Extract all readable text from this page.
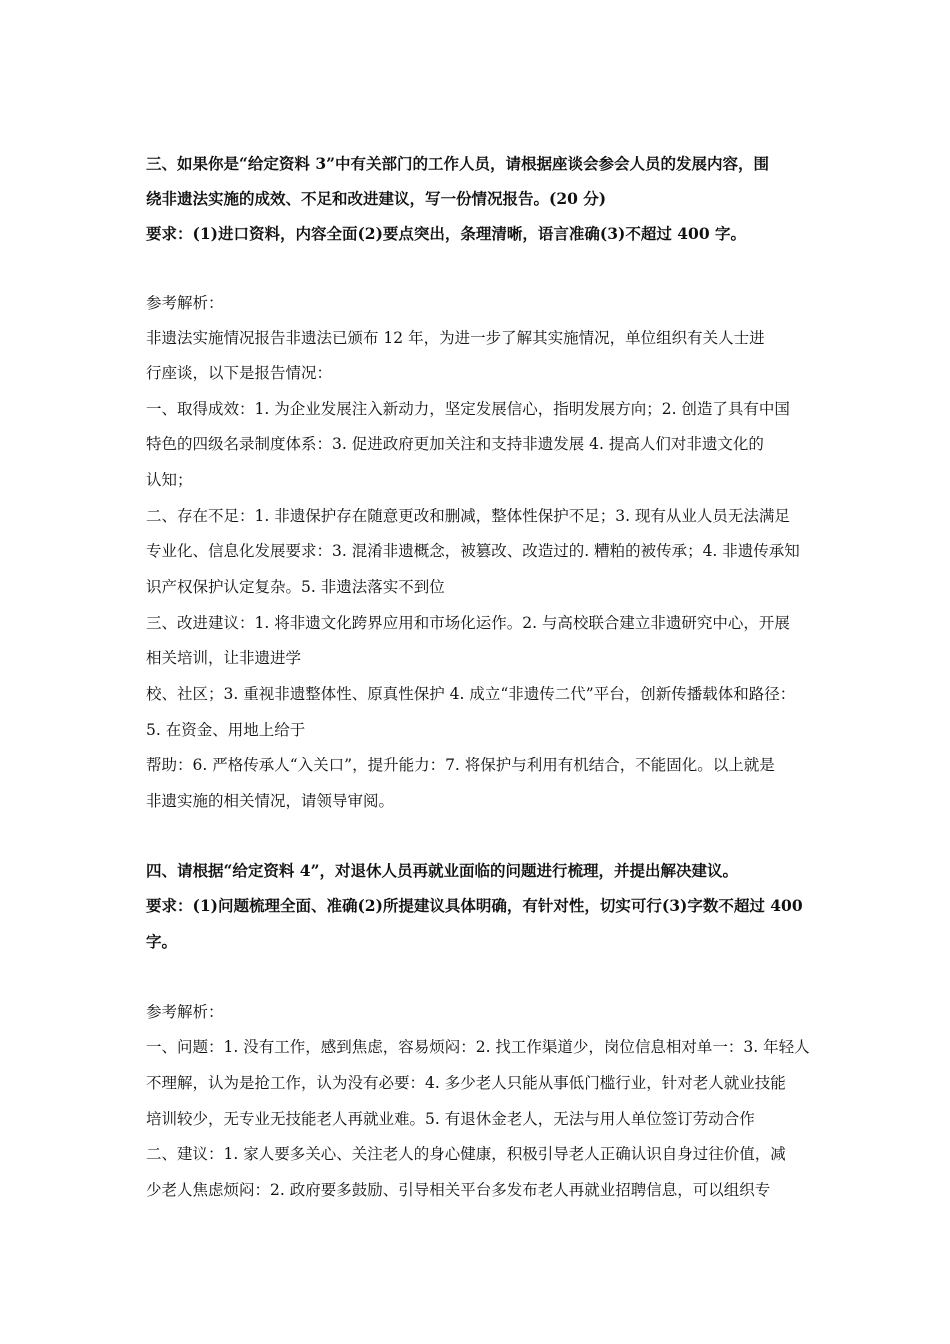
三、如果你是“给定资料 3”中有关部门的工作人员，请根据座谈会参会人员的发展内容，围
绕非遗法实施的成效、不足和改进建议，写一份情况报告。(20 分)
要求：(1)进口资料，内容全面(2)要点突出，条理清晰，语言准确(3)不超过 400 字。
参考解析：
非遗法实施情况报告非遗法已颁布 12 年，为进一步了解其实施情况，单位组织有关人士进
行座谈，以下是报告情况：
一、取得成效：1. 为企业发展注入新动力，坚定发展信心，指明发展方向；2. 创造了具有中国
特色的四级名录制度体系：3. 促进政府更加关注和支持非遗发展 4. 提高人们对非遗文化的
认知；
二、存在不足：1. 非遗保护存在随意更改和删减，整体性保护不足；3. 现有从业人员无法满足
专业化、信息化发展要求：3. 混淆非遗概念，被篡改、改造过的. 糟粕的被传承；4. 非遗传承知
识产权保护认定复杂。5. 非遗法落实不到位
三、改进建议：1. 将非遗文化跨界应用和市场化运作。2. 与高校联合建立非遗研究中心，开展
相关培训，让非遗进学
校、社区；3. 重视非遗整体性、原真性保护 4. 成立“非遗传二代”平台，创新传播载体和路径：
5. 在资金、用地上给于
帮助：6. 严格传承人“入关口”，提升能力：7. 将保护与利用有机结合，不能固化。以上就是
非遗实施的相关情况，请领导审阅。
四、请根据“给定资料 4”，对退休人员再就业面临的问题进行梳理，并提出解决建议。
要求：(1)问题梳理全面、准确(2)所提建议具体明确，有针对性，切实可行(3)字数不超过 400
字。
参考解析：
一、问题：1. 没有工作，感到焦虑，容易烦闷：2. 找工作渠道少，岗位信息相对单一：3. 年轻人
不理解，认为是抢工作，认为没有必要：4. 多少老人只能从事低门槛行业，针对老人就业技能
培训较少，无专业无技能老人再就业难。5. 有退休金老人，无法与用人单位签订劳动合作
二、建议：1. 家人要多关心、关注老人的身心健康，积极引导老人正确认识自身过往价值，减
少老人焦虑烦闷：2. 政府要多鼓励、引导相关平台多发布老人再就业招聘信息，可以组织专
